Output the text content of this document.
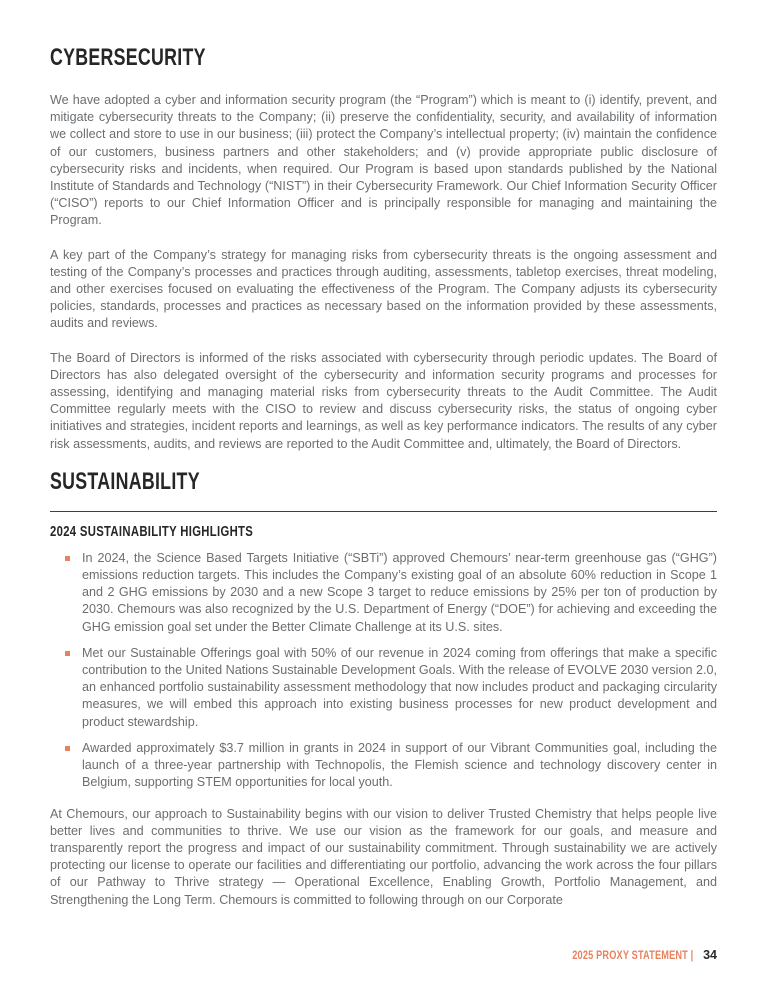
CYBERSECURITY

We have adopted a cyber and information security program (the “Program”) which is meant to (i) identify, prevent, and mitigate cybersecurity threats to the Company; (ii) preserve the confidentiality, security, and availability of information we collect and store to use in our business; (iii) protect the Company’s intellectual property; (iv) maintain the confidence of our customers, business partners and other stakeholders; and (v) provide appropriate public disclosure of cybersecurity risks and incidents, when required. Our Program is based upon standards published by the National Institute of Standards and Technology (“NIST”) in their Cybersecurity Framework. Our Chief Information Security Officer (“CISO”) reports to our Chief Information Officer and is principally responsible for managing and maintaining the Program.

A key part of the Company’s strategy for managing risks from cybersecurity threats is the ongoing assessment and testing of the Company’s processes and practices through auditing, assessments, tabletop exercises, threat modeling, and other exercises focused on evaluating the effectiveness of the Program. The Company adjusts its cybersecurity policies, standards, processes and practices as necessary based on the information provided by these assessments, audits and reviews.

The Board of Directors is informed of the risks associated with cybersecurity through periodic updates. The Board of Directors has also delegated oversight of the cybersecurity and information security programs and processes for assessing, identifying and managing material risks from cybersecurity threats to the Audit Committee. The Audit Committee regularly meets with the CISO to review and discuss cybersecurity risks, the status of ongoing cyber initiatives and strategies, incident reports and learnings, as well as key performance indicators. The results of any cyber risk assessments, audits, and reviews are reported to the Audit Committee and, ultimately, the Board of Directors.

SUSTAINABILITY
2024 SUSTAINABILITY HIGHLIGHTS
In 2024, the Science Based Targets Initiative (“SBTi”) approved Chemours’ near-term greenhouse gas (“GHG”) emissions reduction targets. This includes the Company’s existing goal of an absolute 60% reduction in Scope 1 and 2 GHG emissions by 2030 and a new Scope 3 target to reduce emissions by 25% per ton of production by 2030. Chemours was also recognized by the U.S. Department of Energy (“DOE”) for achieving and exceeding the GHG emission goal set under the Better Climate Challenge at its U.S. sites.
Met our Sustainable Offerings goal with 50% of our revenue in 2024 coming from offerings that make a specific contribution to the United Nations Sustainable Development Goals. With the release of EVOLVE 2030 version 2.0, an enhanced portfolio sustainability assessment methodology that now includes product and packaging circularity measures, we will embed this approach into existing business processes for new product development and product stewardship.
Awarded approximately $3.7 million in grants in 2024 in support of our Vibrant Communities goal, including the launch of a three-year partnership with Technopolis, the Flemish science and technology discovery center in Belgium, supporting STEM opportunities for local youth.

At Chemours, our approach to Sustainability begins with our vision to deliver Trusted Chemistry that helps people live better lives and communities to thrive. We use our vision as the framework for our goals, and measure and transparently report the progress and impact of our sustainability commitment. Through sustainability we are actively protecting our license to operate our facilities and differentiating our portfolio, advancing the work across the four pillars of our Pathway to Thrive strategy — Operational Excellence, Enabling Growth, Portfolio Management, and Strengthening the Long Term. Chemours is committed to following through on our Corporate

2025 PROXY STATEMENT | 34
